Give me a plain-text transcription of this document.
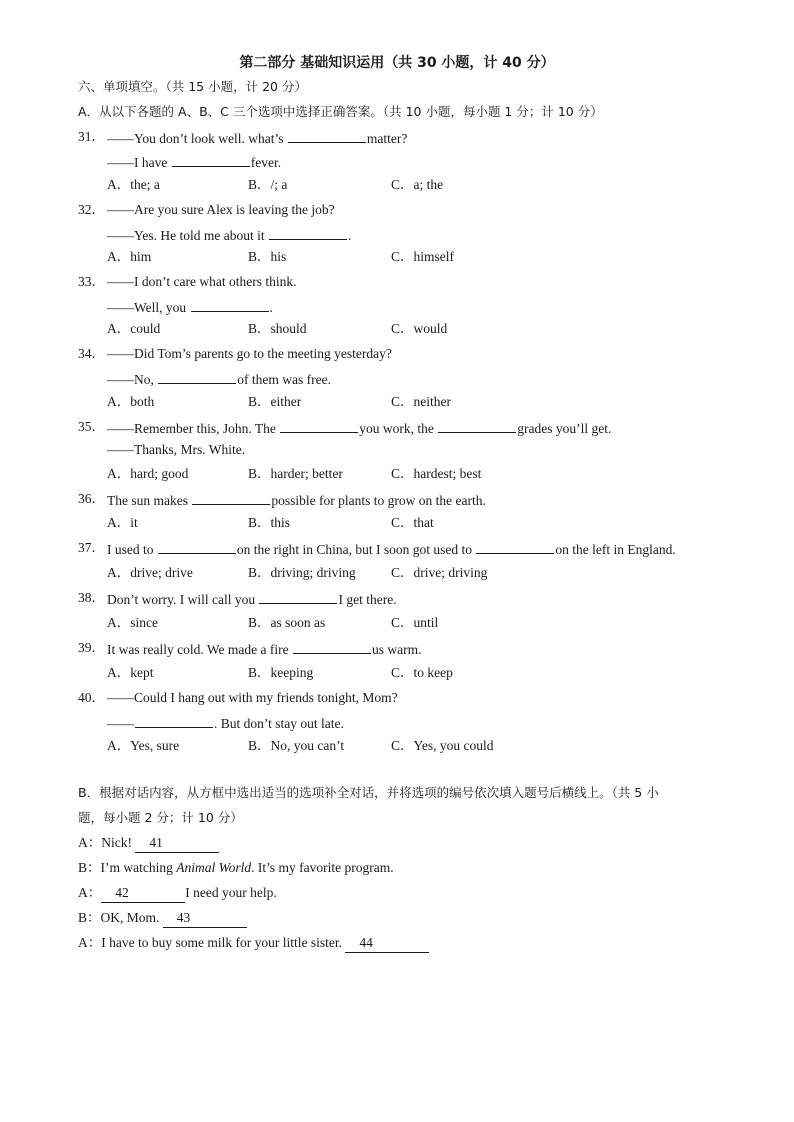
第二部分 基础知识运用（共 30 小题，计 40 分）
六、单项填空。（共 15 小题，计 20 分）
A．从以下各题的 A、B、C 三个选项中选择正确答案。（共 10 小题，每小题 1 分；计 10 分）
31． ——You don’t look well. what’s	matter?
——I have	fever.
A．the; a	B．/; a	C．a; the
32． ——Are you sure Alex is leaving the job?
——Yes. He told me about it	.
A．him	B．his	C．himself
33． ——I don’t care what others think.
——Well, you	.
A．could	B．should	C．would
34． ——Did Tom’s parents go to the meeting yesterday?
——No,	of them was free.
A．both	B．either	C．neither
35． ——Remember this, John. The	you work, the	grades you’ll get.
——Thanks, Mrs. White.
A．hard; good	B．harder; better	C．hardest; best
36． The sun makes	possible for plants to grow on the earth.
A．it	B．this	C．that
37． I used to	on the right in China, but I soon got used to	on the left in England.
A．drive; drive	B．driving; driving	C．drive; driving
38． Don’t worry. I will call you	I get there.
A．since	B．as soon as	C．until
39． It was really cold. We made a fire	us warm.
A．kept	B．keeping	C．to keep
40． ——Could I hang out with my friends tonight, Mom?
——	. But don’t stay out late.
A．Yes, sure	B．No, you can’t	C．Yes, you could
B．根据对话内容，从方框中选出适当的选项补全对话，并将选项的编号依次填入题号后横线上。（共 5 小
题，每小题 2 分；计 10 分）
A：Nick! 41
B：I’m watching Animal World. It’s my favorite program.
A： 42	I need your help.
B：OK, Mom. 43
A：I have to buy some milk for your little sister. 44
